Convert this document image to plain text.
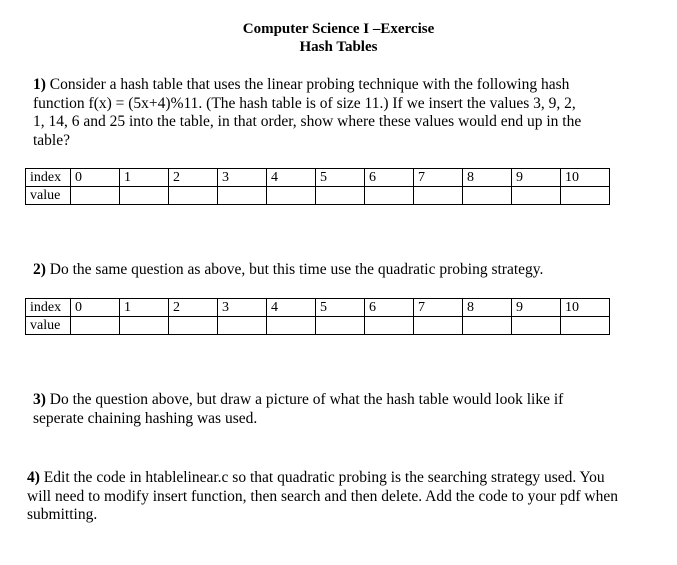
Computer Science I –Exercise
Hash Tables
1) Consider a hash table that uses the linear probing technique with the following hash
function f(x) = (5x+4)%11. (The hash table is of size 11.) If we insert the values 3, 9, 2,
1, 14, 6 and 25 into the table, in that order, show where these values would end up in the
table?
index	0	1	2	3	4	5	6	7	8	9	10
value											
2) Do the same question as above, but this time use the quadratic probing strategy.
index	0	1	2	3	4	5	6	7	8	9	10
value											
3) Do the question above, but draw a picture of what the hash table would look like if
seperate chaining hashing was used.
4) Edit the code in htablelinear.c so that quadratic probing is the searching strategy used. You
will need to modify insert function, then search and then delete. Add the code to your pdf when
submitting.
